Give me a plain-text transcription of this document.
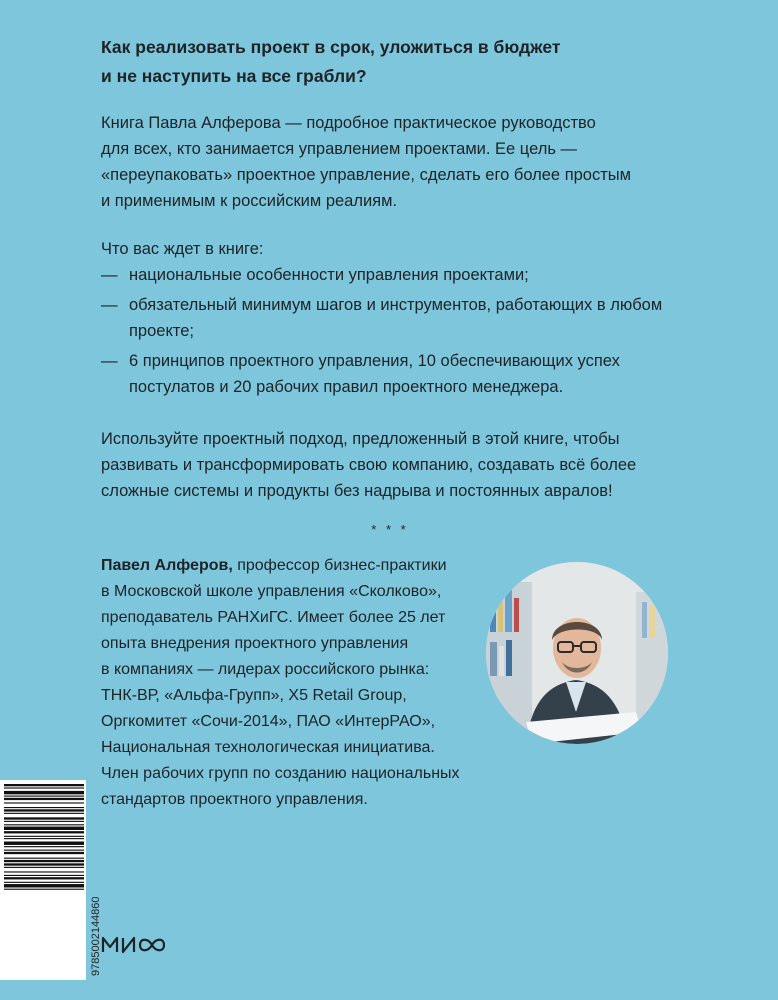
Как реализовать проект в срок, уложиться в бюджет
и не наступить на все грабли?

Книга Павла Алферова — подробное практическое руководство
для всех, кто занимается управлением проектами. Ее цель —
«переупаковать» проектное управление, сделать его более простым
и применимым к российским реалиям.

Что вас ждет в книге:

— национальные особенности управления проектами;
— обязательный минимум шагов и инструментов, работающих в любом
проекте;
— 6 принципов проектного управления, 10 обеспечивающих успех
постулатов и 20 рабочих правил проектного менеджера.

Используйте проектный подход, предложенный в этой книге, чтобы
развивать и трансформировать свою компанию, создавать всё более
сложные системы и продукты без надрыва и постоянных авралов!

* * *

Павел Алферов, профессор бизнес-практики
в Московской школе управления «Сколково»,
преподаватель РАНХиГС. Имеет более 25 лет
опыта внедрения проектного управления
в компаниях — лидерах российского рынка:
ТНК-ВР, «Альфа-Групп», X5 Retail Group,
Оргкомитет «Сочи-2014», ПАО «ИнтерРАО»,
Национальная технологическая инициатива.
Член рабочих групп по созданию национальных
стандартов проектного управления.

9785002144860
